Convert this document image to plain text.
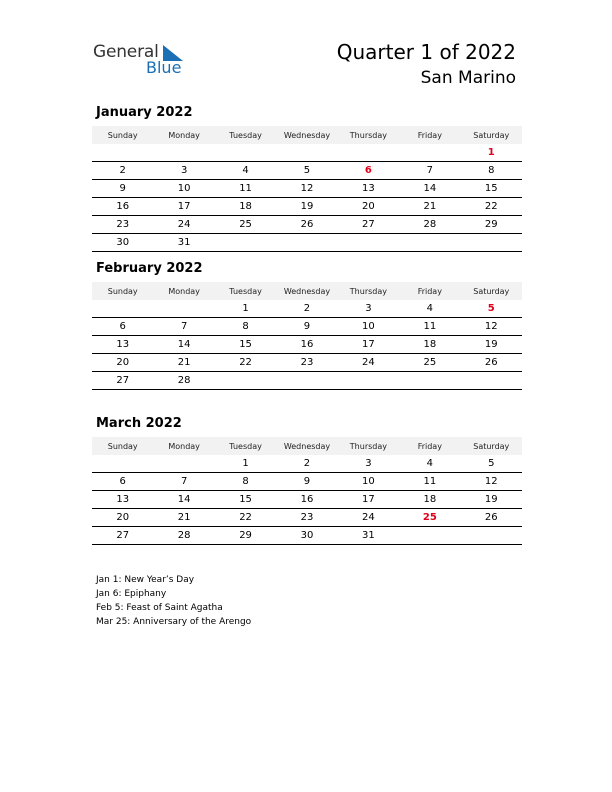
General
Blue
Quarter 1 of 2022
San Marino
January 2022
Sunday	Monday	Tuesday	Wednesday	Thursday	Friday	Saturday
						1
2	3	4	5	6	7	8
9	10	11	12	13	14	15
16	17	18	19	20	21	22
23	24	25	26	27	28	29
30	31					
February 2022
Sunday	Monday	Tuesday	Wednesday	Thursday	Friday	Saturday
		1	2	3	4	5
6	7	8	9	10	11	12
13	14	15	16	17	18	19
20	21	22	23	24	25	26
27	28					
March 2022
Sunday	Monday	Tuesday	Wednesday	Thursday	Friday	Saturday
		1	2	3	4	5
6	7	8	9	10	11	12
13	14	15	16	17	18	19
20	21	22	23	24	25	26
27	28	29	30	31		
Jan 1: New Year’s Day
Jan 6: Epiphany
Feb 5: Feast of Saint Agatha
Mar 25: Anniversary of the Arengo
